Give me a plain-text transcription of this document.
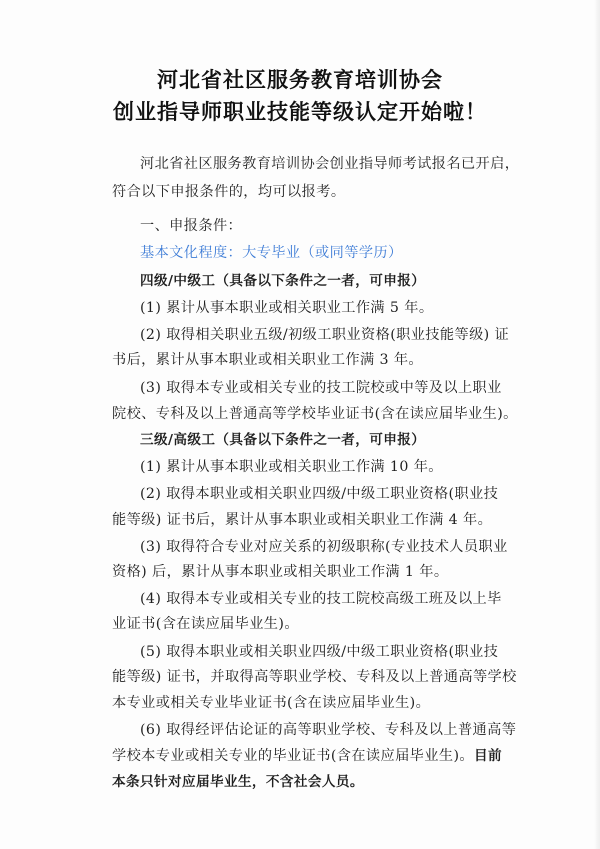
河北省社区服务教育培训协会
创业指导师职业技能等级认定开始啦！
河北省社区服务教育培训协会创业指导师考试报名已开启，
符合以下申报条件的，均可以报考。
一、申报条件：
基本文化程度：大专毕业（或同等学历）
四级/中级工（具备以下条件之一者，可申报）
(1) 累计从事本职业或相关职业工作满 5 年。
(2) 取得相关职业五级/初级工职业资格(职业技能等级) 证
书后，累计从事本职业或相关职业工作满 3 年。
(3) 取得本专业或相关专业的技工院校或中等及以上职业
院校、专科及以上普通高等学校毕业证书(含在读应届毕业生)。
三级/高级工（具备以下条件之一者，可申报）
(1) 累计从事本职业或相关职业工作满 10 年。
(2) 取得本职业或相关职业四级/中级工职业资格(职业技
能等级) 证书后，累计从事本职业或相关职业工作满 4 年。
(3) 取得符合专业对应关系的初级职称(专业技术人员职业
资格) 后，累计从事本职业或相关职业工作满 1 年。
(4) 取得本专业或相关专业的技工院校高级工班及以上毕
业证书(含在读应届毕业生)。
(5) 取得本职业或相关职业四级/中级工职业资格(职业技
能等级) 证书，并取得高等职业学校、专科及以上普通高等学校
本专业或相关专业毕业证书(含在读应届毕业生)。
(6) 取得经评估论证的高等职业学校、专科及以上普通高等
学校本专业或相关专业的毕业证书(含在读应届毕业生)。目前
本条只针对应届毕业生，不含社会人员。
